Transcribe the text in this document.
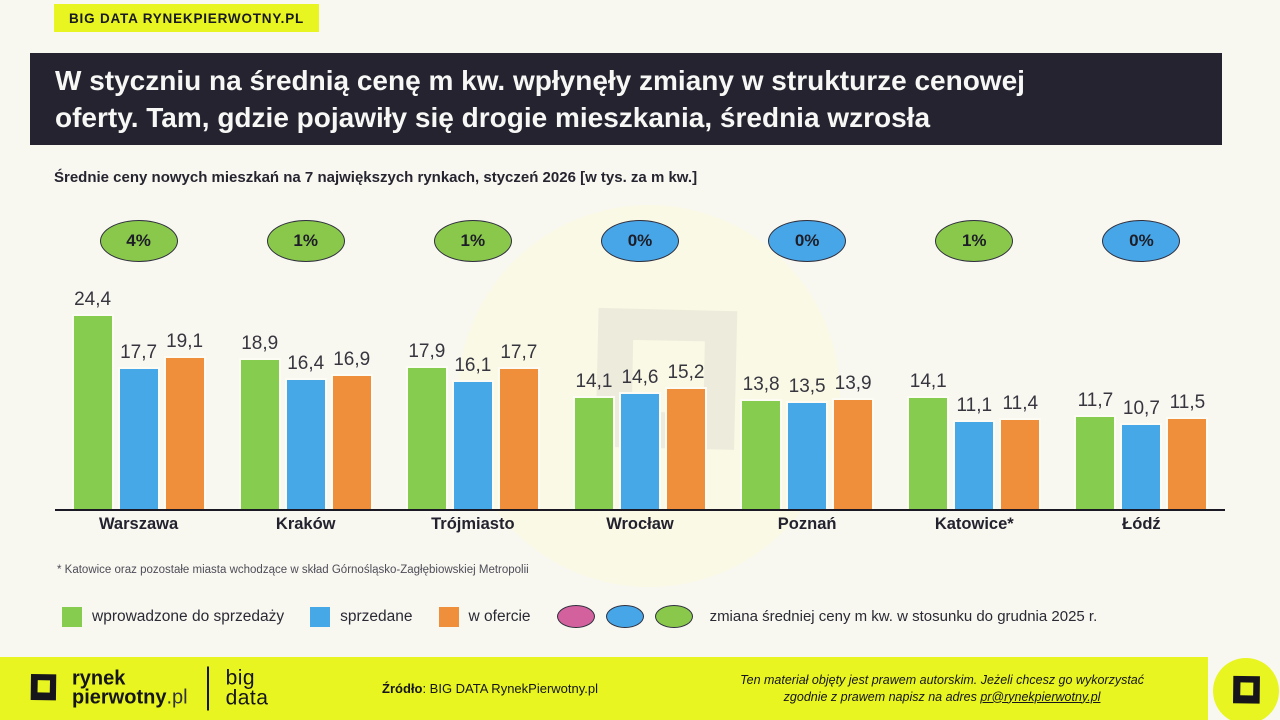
BIG DATA RYNEKPIERWOTNY.PL
W styczniu na średnią cenę m kw. wpłynęły zmiany w strukturze cenowej
oferty. Tam, gdzie pojawiły się drogie mieszkania, średnia wzrosła
Średnie ceny nowych mieszkań na 7 największych rynkach, styczeń 2026 [w tys. za m kw.]
4%
24,4
17,7
19,1
1%
18,9
16,4 16,9
1%
17,9
16,1
17,7
0%
14,1 14,6 15,2
0%
13,8 13,5 13,9
1%
14,1
11,1 11,4
0%
11,7 10,7 11,5
Warszawa	Kraków	Trójmiasto	Wrocław	Poznań	Katowice*	Łódź
* Katowice oraz pozostałe miasta wchodzące w skład Górnośląsko-Zagłębiowskiej Metropolii
wprowadzone do sprzedaży	sprzedane	w ofercie	zmiana średniej ceny m kw. w stosunku do grudnia 2025 r.
rynek
pierwotny.pl
big
data	Źródło : BIG DATA RynekPierwotny.pl
Ten materiał objęty jest prawem autorskim. Jeżeli chcesz go wykorzystać
zgodnie z prawem napisz na adres pr@rynekpierwotny.pl
